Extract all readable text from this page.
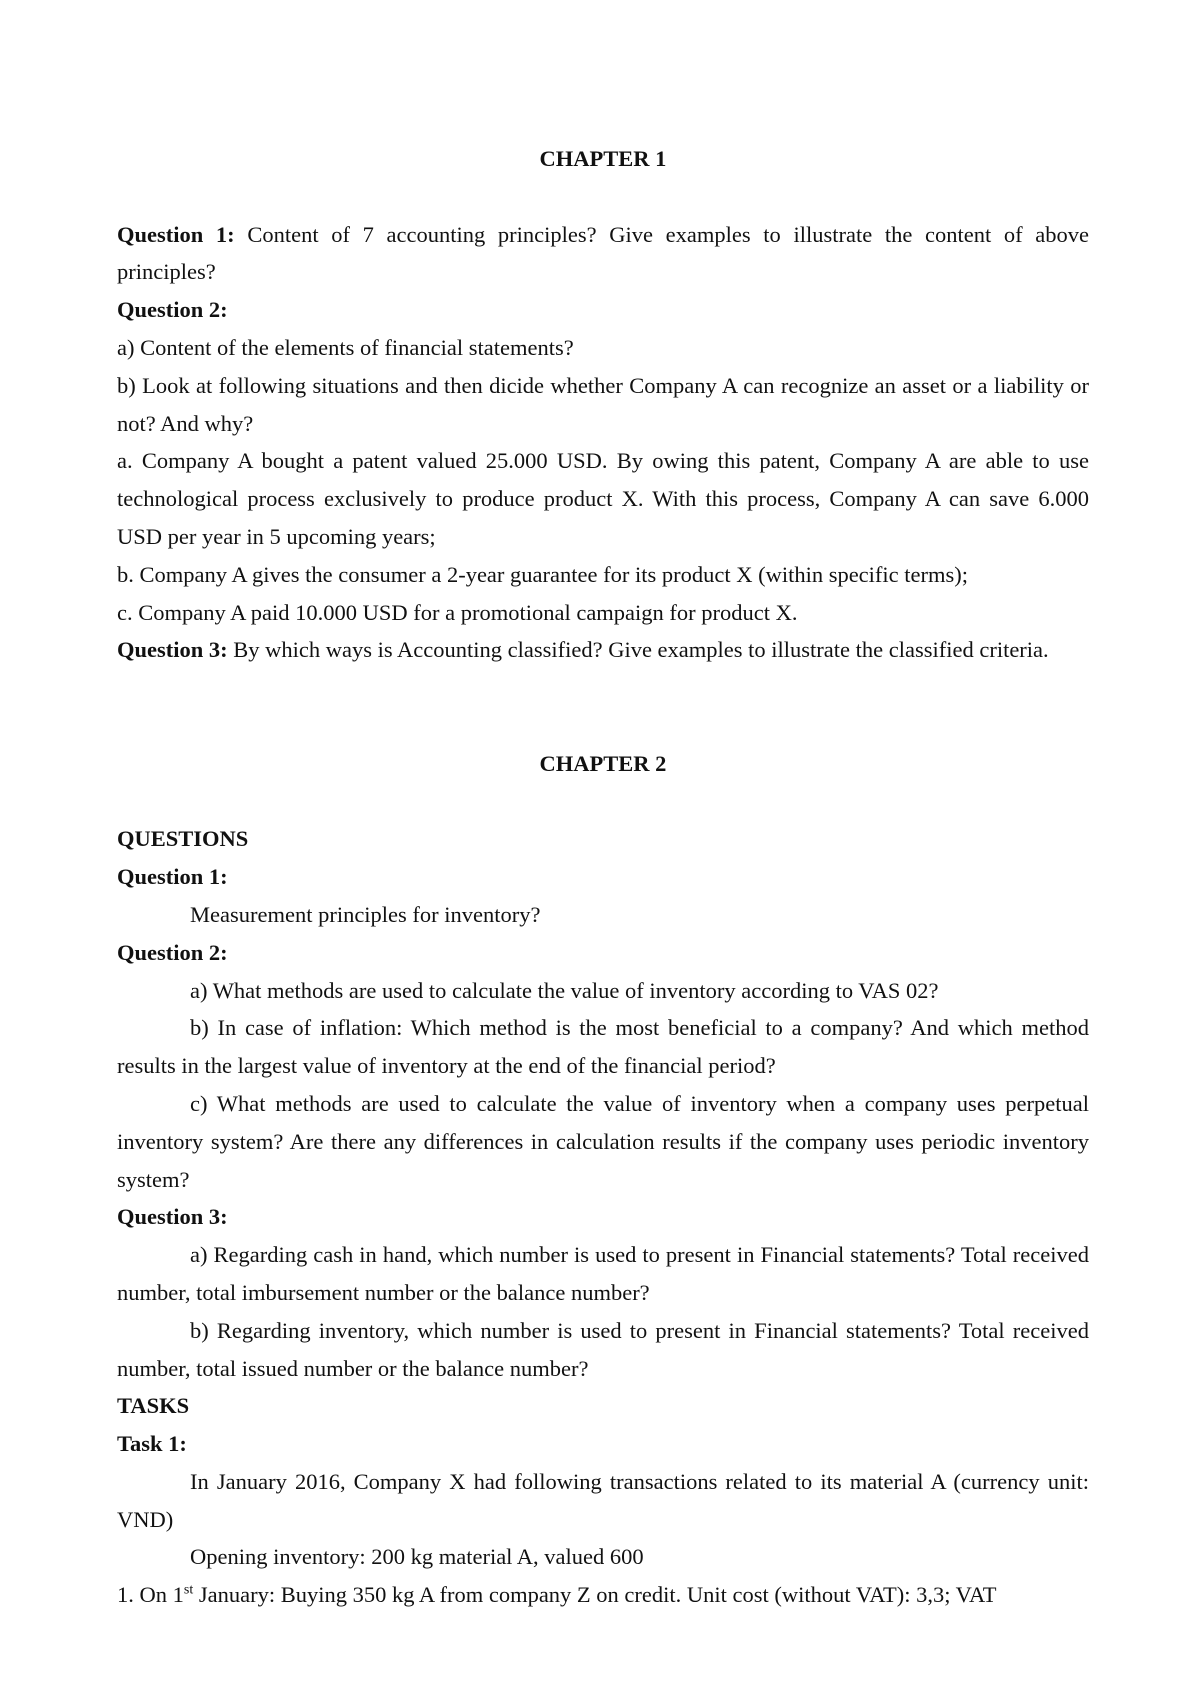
CHAPTER 1

Question 1: Content of 7 accounting principles? Give examples to illustrate the content of above principles?

Question 2:

a) Content of the elements of financial statements?

b) Look at following situations and then dicide whether Company A can recognize an asset or a liability or not? And why?

a. Company A bought a patent valued 25.000 USD. By owing this patent, Company A are able to use technological process exclusively to produce product X. With this process, Company A can save 6.000 USD per year in 5 upcoming years;

b. Company A gives the consumer a 2-year guarantee for its product X (within specific terms);

c. Company A paid 10.000 USD for a promotional campaign for product X.

Question 3: By which ways is Accounting classified? Give examples to illustrate the classified criteria.

CHAPTER 2

QUESTIONS

Question 1:

Measurement principles for inventory?

Question 2:

a) What methods are used to calculate the value of inventory according to VAS 02?

b) In case of inflation: Which method is the most beneficial to a company? And which method results in the largest value of inventory at the end of the financial period?

c) What methods are used to calculate the value of inventory when a company uses perpetual inventory system? Are there any differences in calculation results if the company uses periodic inventory system?

Question 3:

a) Regarding cash in hand, which number is used to present in Financial statements? Total received number, total imbursement number or the balance number?

b) Regarding inventory, which number is used to present in Financial statements? Total received number, total issued number or the balance number?

TASKS

Task 1:

In January 2016, Company X had following transactions related to its material A (currency unit: VND)

Opening inventory: 200 kg material A, valued 600

1. On 1st January: Buying 350 kg A from company Z on credit. Unit cost (without VAT): 3,3; VAT
